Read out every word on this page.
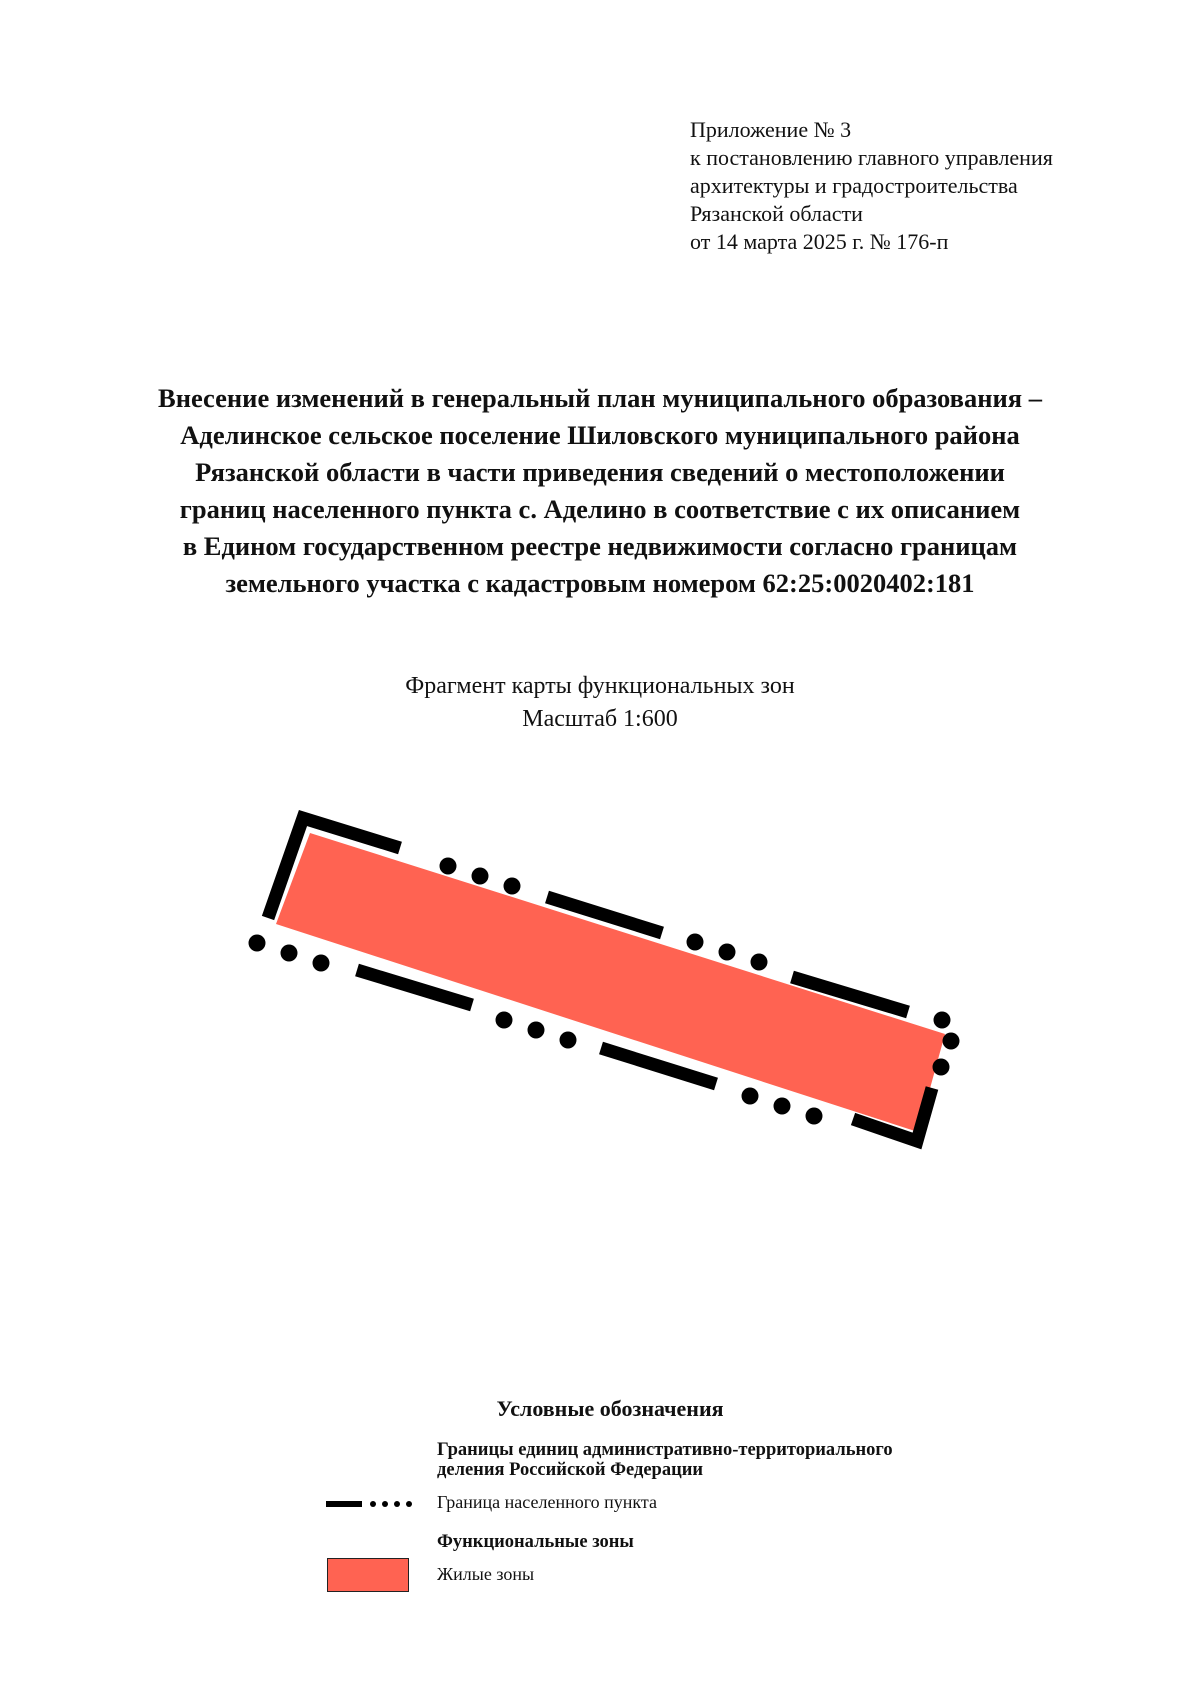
Приложение № 3
к постановлению главного управления
архитектуры и градостроительства
Рязанской области
от 14 марта 2025 г. № 176-п
Внесение изменений в генеральный план муниципального образования –
Аделинское сельское поселение Шиловского муниципального района
Рязанской области в части приведения сведений о местоположении
границ населенного пункта с. Аделино в соответствие с их описанием
в Едином государственном реестре недвижимости согласно границам
земельного участка с кадастровым номером 62:25:0020402:181
Фрагмент карты функциональных зон
Масштаб 1:600
Условные обозначения
Границы единиц административно-территориального
деления Российской Федерации
Граница населенного пункта
Функциональные зоны
Жилые зоны
